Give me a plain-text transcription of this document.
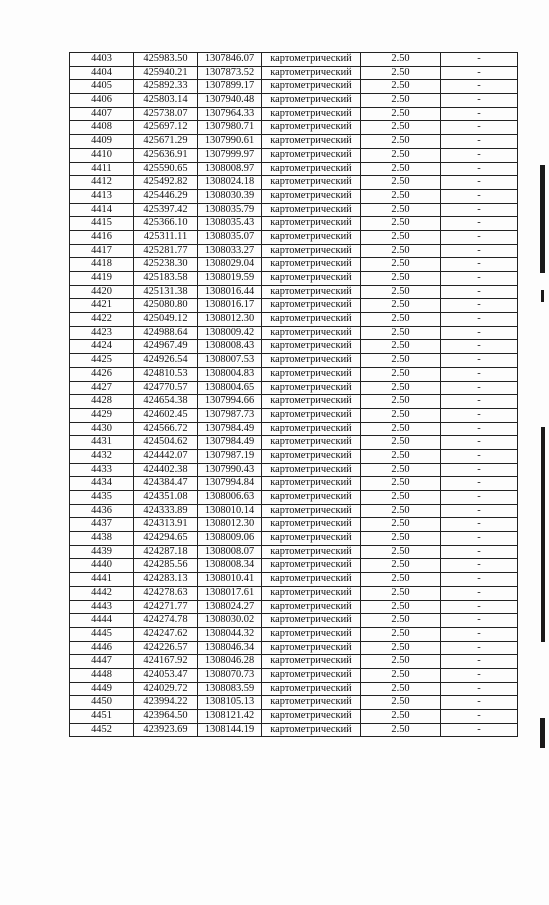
4403	425983.50	1307846.07	картометрический	2.50	-
4404	425940.21	1307873.52	картометрический	2.50	-
4405	425892.33	1307899.17	картометрический	2.50	-
4406	425803.14	1307940.48	картометрический	2.50	-
4407	425738.07	1307964.33	картометрический	2.50	-
4408	425697.12	1307980.71	картометрический	2.50	-
4409	425671.29	1307990.61	картометрический	2.50	-
4410	425636.91	1307999.97	картометрический	2.50	-
4411	425590.65	1308008.97	картометрический	2.50	-
4412	425492.82	1308024.18	картометрический	2.50	-
4413	425446.29	1308030.39	картометрический	2.50	-
4414	425397.42	1308035.79	картометрический	2.50	-
4415	425366.10	1308035.43	картометрический	2.50	-
4416	425311.11	1308035.07	картометрический	2.50	-
4417	425281.77	1308033.27	картометрический	2.50	-
4418	425238.30	1308029.04	картометрический	2.50	-
4419	425183.58	1308019.59	картометрический	2.50	-
4420	425131.38	1308016.44	картометрический	2.50	-
4421	425080.80	1308016.17	картометрический	2.50	-
4422	425049.12	1308012.30	картометрический	2.50	-
4423	424988.64	1308009.42	картометрический	2.50	-
4424	424967.49	1308008.43	картометрический	2.50	-
4425	424926.54	1308007.53	картометрический	2.50	-
4426	424810.53	1308004.83	картометрический	2.50	-
4427	424770.57	1308004.65	картометрический	2.50	-
4428	424654.38	1307994.66	картометрический	2.50	-
4429	424602.45	1307987.73	картометрический	2.50	-
4430	424566.72	1307984.49	картометрический	2.50	-
4431	424504.62	1307984.49	картометрический	2.50	-
4432	424442.07	1307987.19	картометрический	2.50	-
4433	424402.38	1307990.43	картометрический	2.50	-
4434	424384.47	1307994.84	картометрический	2.50	-
4435	424351.08	1308006.63	картометрический	2.50	-
4436	424333.89	1308010.14	картометрический	2.50	-
4437	424313.91	1308012.30	картометрический	2.50	-
4438	424294.65	1308009.06	картометрический	2.50	-
4439	424287.18	1308008.07	картометрический	2.50	-
4440	424285.56	1308008.34	картометрический	2.50	-
4441	424283.13	1308010.41	картометрический	2.50	-
4442	424278.63	1308017.61	картометрический	2.50	-
4443	424271.77	1308024.27	картометрический	2.50	-
4444	424274.78	1308030.02	картометрический	2.50	-
4445	424247.62	1308044.32	картометрический	2.50	-
4446	424226.57	1308046.34	картометрический	2.50	-
4447	424167.92	1308046.28	картометрический	2.50	-
4448	424053.47	1308070.73	картометрический	2.50	-
4449	424029.72	1308083.59	картометрический	2.50	-
4450	423994.22	1308105.13	картометрический	2.50	-
4451	423964.50	1308121.42	картометрический	2.50	-
4452	423923.69	1308144.19	картометрический	2.50	-
